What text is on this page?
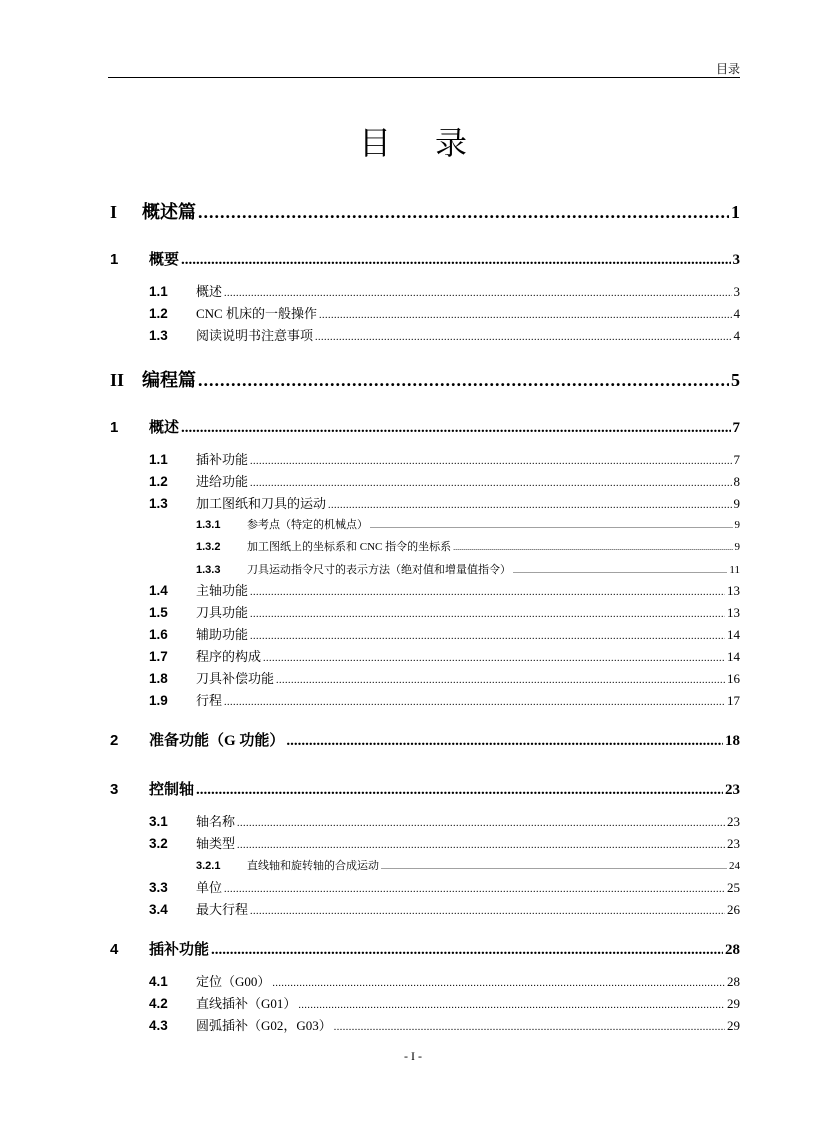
目录
目 录
I	概述篇 .....	1
1	概要 .....	3
1.1	概述 .....	3
1.2	CNC 机床的一般操作 .....	4
1.3	阅读说明书注意事项 .....	4
II 编程篇 .....	5
1	概述 .....	7
1.1	插补功能 .....	7
1.2	进给功能 .....	8
1.3	加工图纸和刀具的运动 .....	9
1.3.1	参考点（特定的机械点） .....	9
1.3.2	加工图纸上的坐标系和 CNC 指令的坐标系 .....	9
1.3.3	刀具运动指令尺寸的表示方法（绝对值和增量值指令） .....	11
1.4	主轴功能 .....	13
1.5	刀具功能 .....	13
1.6	辅助功能 .....	14
1.7	程序的构成 .....	14
1.8	刀具补偿功能 .....	16
1.9	行程 .....	17
2	准备功能（G 功能） .....	18
3	控制轴 .....	23
3.1	轴名称 .....	23
3.2	轴类型 .....	23
3.2.1	直线轴和旋转轴的合成运动 .....	24
3.3	单位 .....	25
3.4	最大行程 .....	26
4	插补功能 .....	28
4.1	定位（G00） .....	28
4.2	直线插补（G01） .....	29
4.3	圆弧插补（G02，G03） .....	29
- I -
